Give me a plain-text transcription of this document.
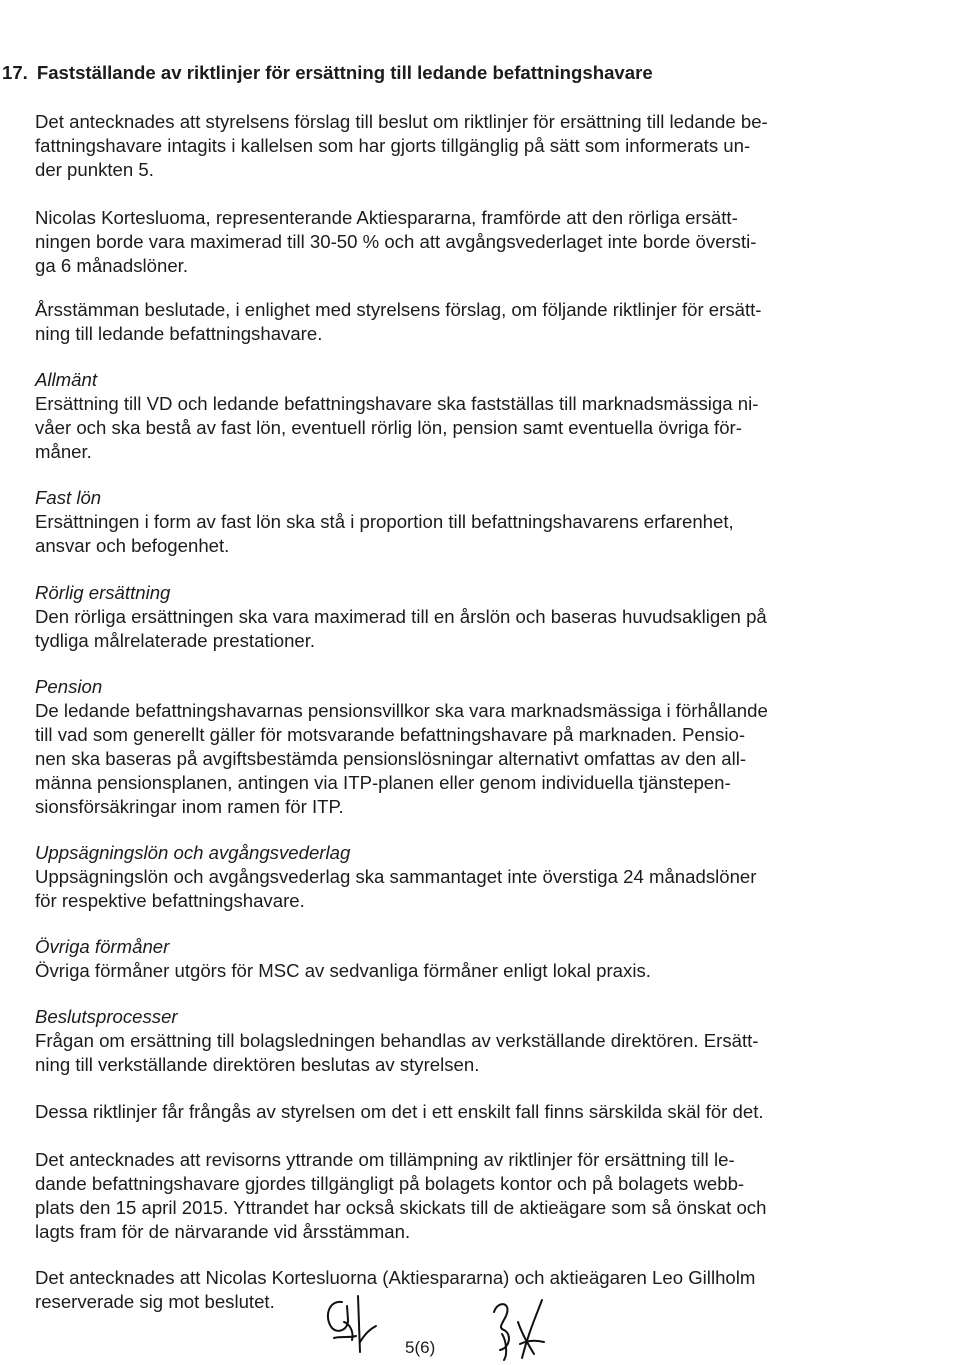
17. Fastställande av riktlinjer för ersättning till ledande befattningshavare

Det antecknades att styrelsens förslag till beslut om riktlinjer för ersättning till ledande be-

fattningshavare intagits i kallelsen som har gjorts tillgänglig på sätt som informerats un-

der punkten 5.

Nicolas Kortesluoma, representerande Aktiespararna, framförde att den rörliga ersätt-

ningen borde vara maximerad till 30-50 % och att avgångsvederlaget inte borde översti-

ga 6 månadslöner.

Årsstämman beslutade, i enlighet med styrelsens förslag, om följande riktlinjer för ersätt-

ning till ledande befattningshavare.

Allmänt

Ersättning till VD och ledande befattningshavare ska fastställas till marknadsmässiga ni-

våer och ska bestå av fast lön, eventuell rörlig lön, pension samt eventuella övriga för-

måner.

Fast lön

Ersättningen i form av fast lön ska stå i proportion till befattningshavarens erfarenhet,

ansvar och befogenhet.

Rörlig ersättning

Den rörliga ersättningen ska vara maximerad till en årslön och baseras huvudsakligen på

tydliga målrelaterade prestationer.

Pension

De ledande befattningshavarnas pensionsvillkor ska vara marknadsmässiga i förhållande

till vad som generellt gäller för motsvarande befattningshavare på marknaden. Pensio-

nen ska baseras på avgiftsbestämda pensionslösningar alternativt omfattas av den all-

männa pensionsplanen, antingen via ITP-planen eller genom individuella tjänstepen-

sionsförsäkringar inom ramen för ITP.

Uppsägningslön och avgångsvederlag

Uppsägningslön och avgångsvederlag ska sammantaget inte överstiga 24 månadslöner

för respektive befattningshavare.

Övriga förmåner

Övriga förmåner utgörs för MSC av sedvanliga förmåner enligt lokal praxis.

Beslutsprocesser

Frågan om ersättning till bolagsledningen behandlas av verkställande direktören. Ersätt-

ning till verkställande direktören beslutas av styrelsen.

Dessa riktlinjer får frångås av styrelsen om det i ett enskilt fall finns särskilda skäl för det.

Det antecknades att revisorns yttrande om tillämpning av riktlinjer för ersättning till le-

dande befattningshavare gjordes tillgängligt på bolagets kontor och på bolagets webb-

plats den 15 april 2015. Yttrandet har också skickats till de aktieägare som så önskat och

lagts fram för de närvarande vid årsstämman.

Det antecknades att Nicolas Kortesluorna (Aktiespararna) och aktieägaren Leo Gillholm

reserverade sig mot beslutet.

5(6)
